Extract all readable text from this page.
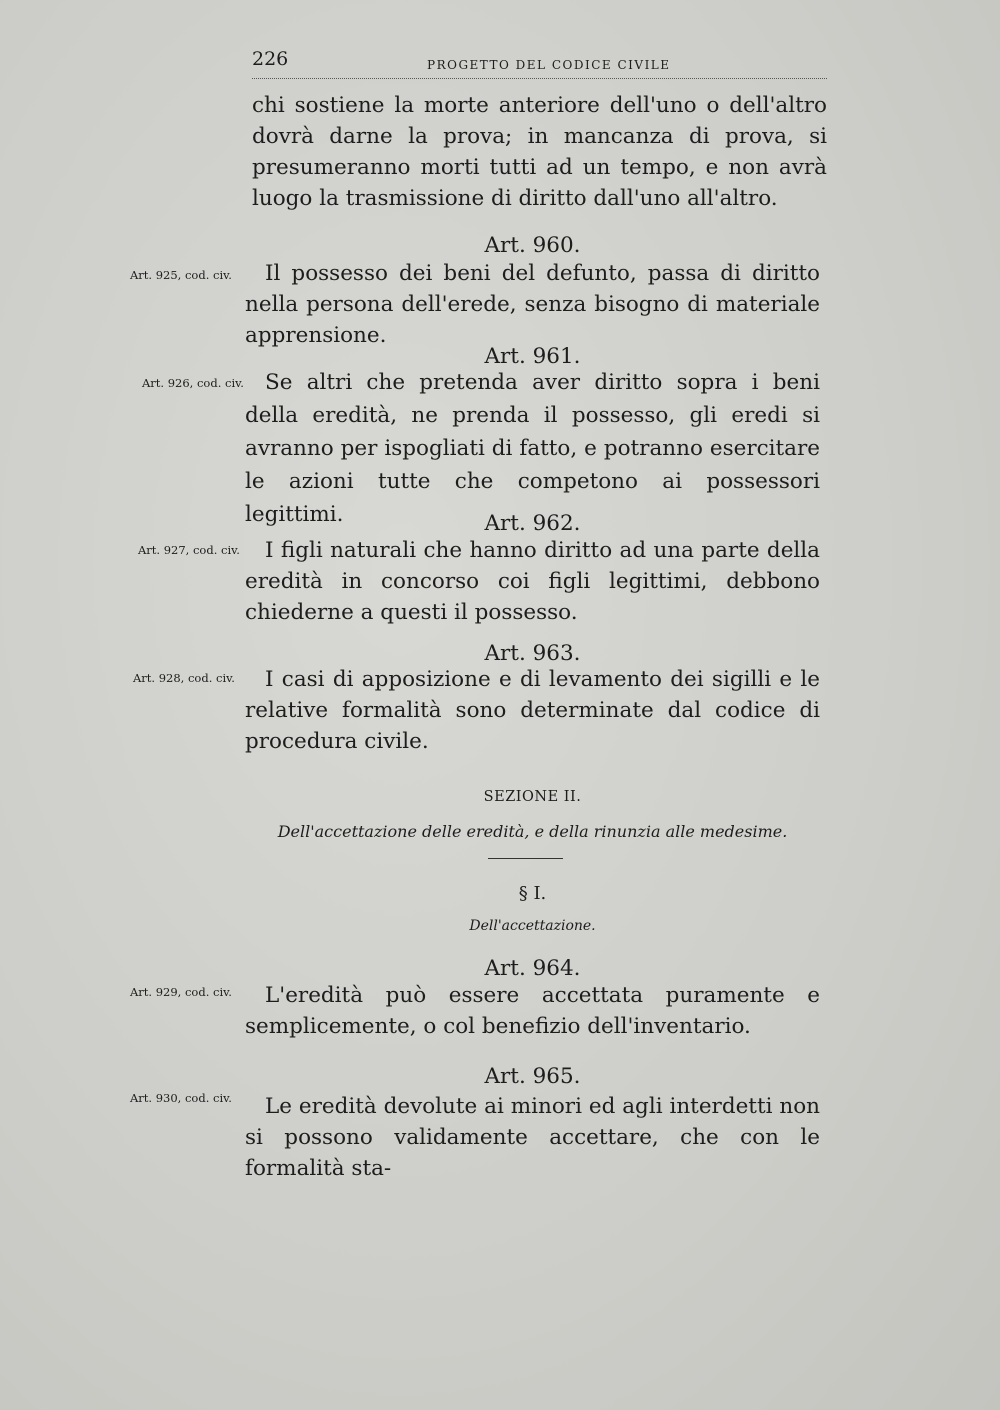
226	PROGETTO DEL CODICE CIVILE
chi sostiene la morte anteriore dell'uno o dell'altro dovrà darne la prova; in mancanza di prova, si presumeranno morti tutti ad un tempo, e non avrà luogo la trasmissione di diritto dall'uno all'altro.
Art. 960.
Art. 925, cod. civ.	Il possesso dei beni del defunto, passa di diritto nella persona dell'erede, senza bisogno di materiale apprensione.
Art. 961.
Art. 926, cod. civ. Se altri che pretenda aver diritto sopra i beni della eredità, ne prenda il possesso, gli eredi si avranno per ispogliati di fatto, e potranno esercitare le azioni tutte che competono ai possessori legittimi.	Art. 962.
Art. 927, cod. civ.	I figli naturali che hanno diritto ad una parte della eredità in concorso coi figli legittimi, debbono chiederne a questi il possesso.
Art. 963.
Art. 928, cod. civ.	I casi di apposizione e di levamento dei sigilli e le relative formalità sono determinate dal codice di procedura civile.
SEZIONE II.
Dell'accettazione delle eredità, e della rinunzia alle medesime.
§ I.
Dell'accettazione.
Art. 964.
Art. 929, cod. civ.	L'eredità può essere accettata puramente e semplicemente, o col benefizio dell'inventario.
Art. 965.
Art. 930, cod. civ.	Le eredità devolute ai minori ed agli interdetti non si possono validamente accettare, che con le formalità sta-
